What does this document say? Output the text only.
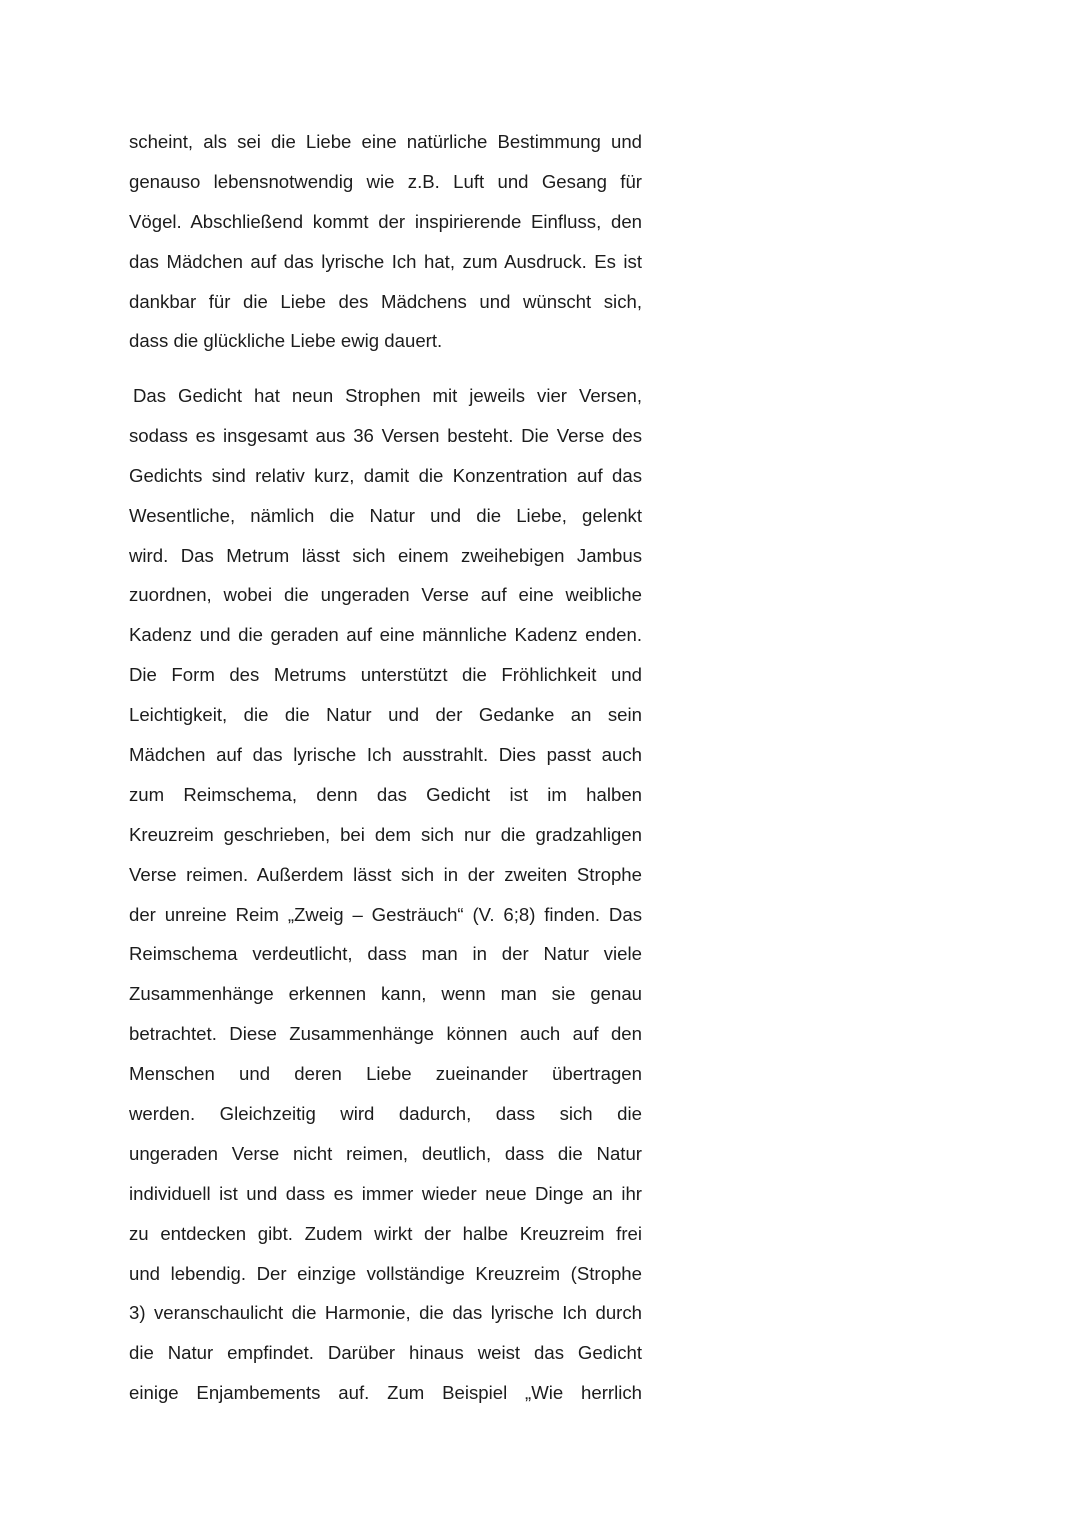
scheint, als sei die Liebe eine natürliche Bestimmung und
genauso lebensnotwendig wie z.B. Luft und Gesang für
Vögel. Abschließend kommt der inspirierende Einfluss, den
das Mädchen auf das lyrische Ich hat, zum Ausdruck. Es ist
dankbar für die Liebe des Mädchens und wünscht sich,
dass die glückliche Liebe ewig dauert.
Das Gedicht hat neun Strophen mit jeweils vier Versen,
sodass es insgesamt aus 36 Versen besteht. Die Verse des
Gedichts sind relativ kurz, damit die Konzentration auf das
Wesentliche, nämlich die Natur und die Liebe, gelenkt
wird. Das Metrum lässt sich einem zweihebigen Jambus
zuordnen, wobei die ungeraden Verse auf eine weibliche
Kadenz und die geraden auf eine männliche Kadenz enden.
Die Form des Metrums unterstützt die Fröhlichkeit und
Leichtigkeit, die die Natur und der Gedanke an sein
Mädchen auf das lyrische Ich ausstrahlt. Dies passt auch
zum Reimschema, denn das Gedicht ist im halben
Kreuzreim geschrieben, bei dem sich nur die gradzahligen
Verse reimen. Außerdem lässt sich in der zweiten Strophe
der unreine Reim „Zweig – Gesträuch“ (V. 6;8) finden. Das
Reimschema verdeutlicht, dass man in der Natur viele
Zusammenhänge erkennen kann, wenn man sie genau
betrachtet. Diese Zusammenhänge können auch auf den
Menschen und deren Liebe zueinander übertragen
werden. Gleichzeitig wird dadurch, dass sich die
ungeraden Verse nicht reimen, deutlich, dass die Natur
individuell ist und dass es immer wieder neue Dinge an ihr
zu entdecken gibt. Zudem wirkt der halbe Kreuzreim frei
und lebendig. Der einzige vollständige Kreuzreim (Strophe
3) veranschaulicht die Harmonie, die das lyrische Ich durch
die Natur empfindet. Darüber hinaus weist das Gedicht
einige Enjambements auf. Zum Beispiel „Wie herrlich
